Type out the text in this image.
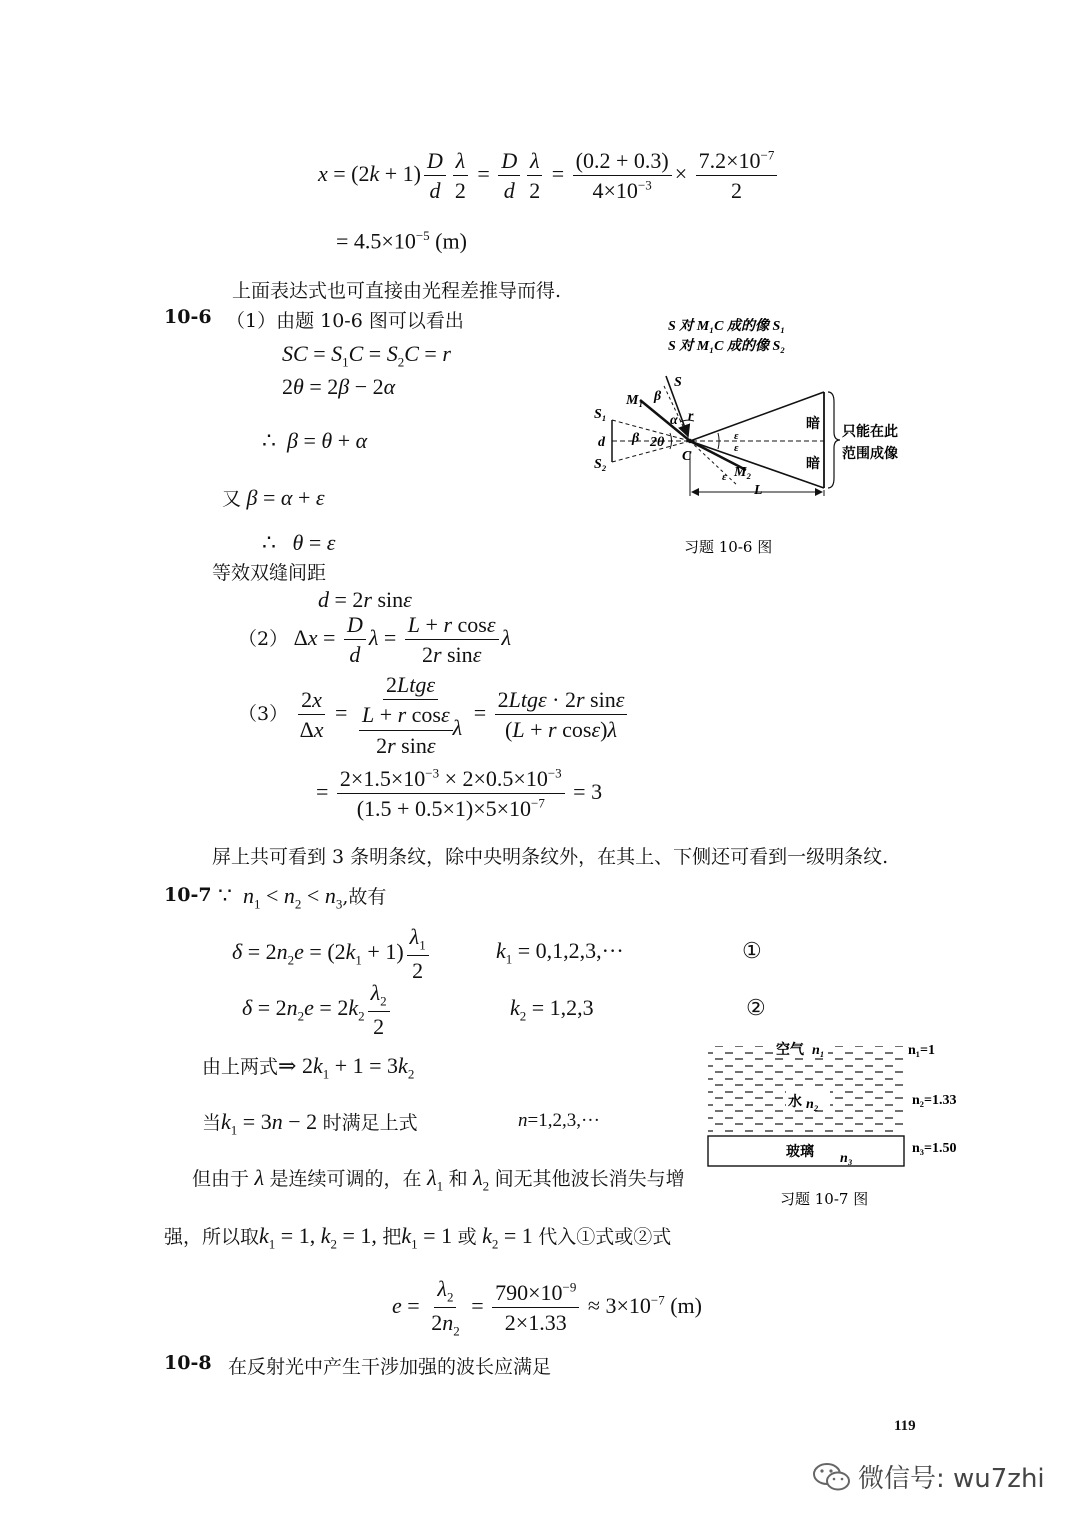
$x = (2k + 1) \frac{D}{d} \frac{\lambda}{2} = \frac{D}{d} \frac{\lambda}{2} = \frac{(0.2 + 0.3)}{4\times 10^{-3}} \times \frac{7.2\times 10^{-7}}{2}$
= $4.5\times 10^{-5}$ (m)
上面表达式也可直接由光程差推导而得.
10-6 （1）由题 10-6 图可以看出
SC = $S_1C = S_2C = r$
2θ = 2β − 2α
∴ β = θ + α
又 β = α + ε
∴ θ = ε
等效双缝间距
d = 2r sinε
（2） $\Delta x = \frac{D}{d}$ $\lambda = \frac{\text{L + r cosε}}{\text{2r sinε}}$ λ
$(3) \frac{2x}{\Delta x} = \frac{\text{2Ltgε}}{\frac{\text{L + r cosε}}{\text{2r sinε}} \lambda} = \frac{\text{2Ltgε · 2r sinε}}{\text{(L + r cosε)λ}}$
= $\frac{2\times 1.5\times 10^{-3} \times 2\times 0.5\times 10^{-3}}{(1.5 + 0.5\times 1)\times 5\times 10^{-7}} = 3$
屏上共可看到 3 条明条纹，除中央明条纹外，在其上、下侧还可看到一级明条纹.
S 对 M₁C 成的像 S₁
S 对 M₁C 成的像 S₂
S
M₁ β
α r
S₁
d
S₂
β 2θ
C
ε
ε
ε M₂
L
暗
暗
只能在此
范围成像
习题 10-6 图
10-7 ∵ $n_1 < n_2 < n_3$,故有
$\delta = 2n_2e = (2k_1 + 1) \frac{\lambda_1}{2}$	$k_1 = 0,1,2,3,\cdot\cdot\cdot$	①
$\delta = 2n_2e = 2k_2 \frac{\lambda_2}{2}$	$k_2 = 1,2,3$	②
由上两式⇒ $2k_1 + 1 = 3k_2$
当$k_1 = 3n - 2$ 时满足上式	n=1,2,3,···
但由于 λ 是连续可调的，在 $\lambda_1$ 和 $\lambda_2$ 间无其他波长消失与增
强，所以取$k_1 = 1$, $k_2 = 1$, 把$k_1 = 1$ 或 $k_2 = 1$ 代入①式或②式
$e = \frac{\lambda_2}{2n_2} = \frac{790\times 10^{-9}}{2\times 1.33} \approx 3\times 10^{-7}$ (m)
空气 n₁
水 n₂
玻璃 n₃
n₁=1
n₂=1.33
n₃=1.50
习题 10-7 图
10-8 在反射光中产生干涉加强的波长应满足
119
微信号: wu7zhi
